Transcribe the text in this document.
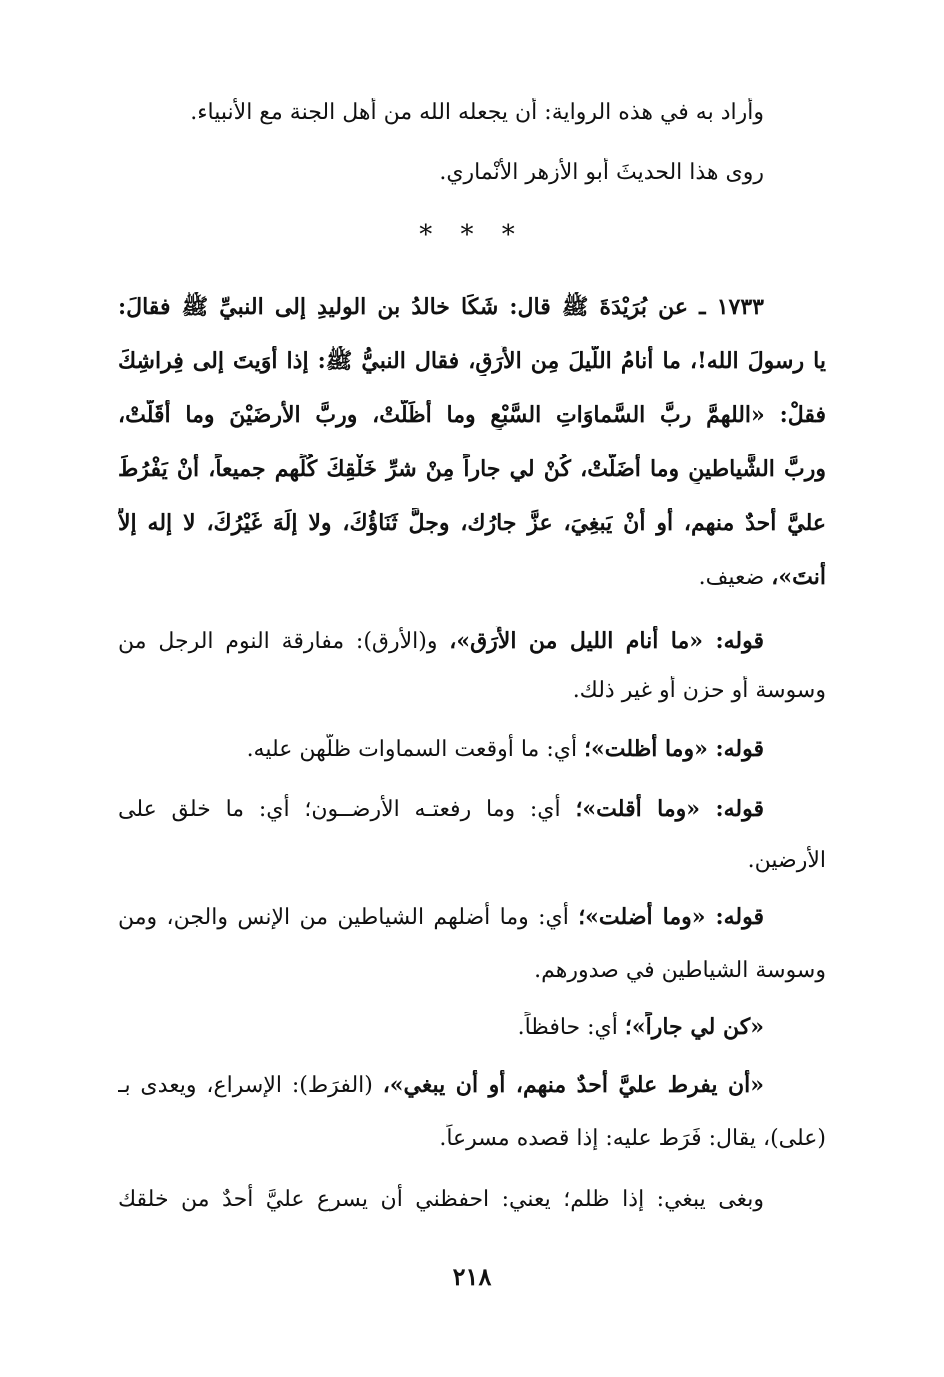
وأراد به في هذه الرواية: أن يجعله الله من أهل الجنة مع الأنبياء.
روى هذا الحديثَ أبو الأزهر الأنْماري.
* * *
١٧٣٣ ـ عن بُرَيْدَةَ ﷺ قال: شَكَا خالدُ بن الوليدِ إلى النبيِّ ﷺ فقالَ:
يا رسولَ الله!، ما أَنامُ اللَّيلَ مِن الأَرَقِ، فقال النبيُّ ﷺ: إذا أَوَيتَ إلى فِراشِكَ
فقلْ: «اللهمَّ ربَّ السَّماوَاتِ السَّبْعِ وما أَظَلَّتْ، وربَّ الأرضَيْنَ وما أَقَلَّتْ،
وربَّ الشَّياطينِ وما أَضَلَّتْ، كُنْ لي جاراً مِنْ شرِّ خَلْقِكَ كُلِّهم جميعاً، أنْ يَفْرُطَ
عليَّ أحدٌ منهم، أو أنْ يَبغِيَ، عزَّ جارُك، وجلَّ ثَنَاؤُكَ، ولا إلَهَ غَيْرُكَ، لا إله إلاَّ
أنتَ»، ضعيف.
قوله: «ما أنام الليل من الأَرَق»، و(الأرق): مفارقة النوم الرجل من
وسوسة أو حزن أو غير ذلك.
قوله: «وما أظلت»؛ أي: ما أوقعت السماوات ظلَّهن عليه.
قوله: «وما أقلت»؛ أي: وما رفعتـه الأرضــون؛ أي: ما خلق على
الأرضين.
قوله: «وما أضلت»؛ أي: وما أضلهم الشياطين من الإنس والجن، ومن
وسوسة الشياطين في صدورهم.
«كن لي جاراً»؛ أي: حافظاً.
«أن يفرط عليَّ أحدٌ منهم، أو أن يبغي»، (الفرَط): الإسراع، ويعدى بـ
(على)، يقال: فَرَط عليه: إذا قصده مسرعاً.
وبغى يبغي: إذا ظلم؛ يعني: احفظني أن يسرع عليَّ أحدٌ من خلقك
٢١٨
